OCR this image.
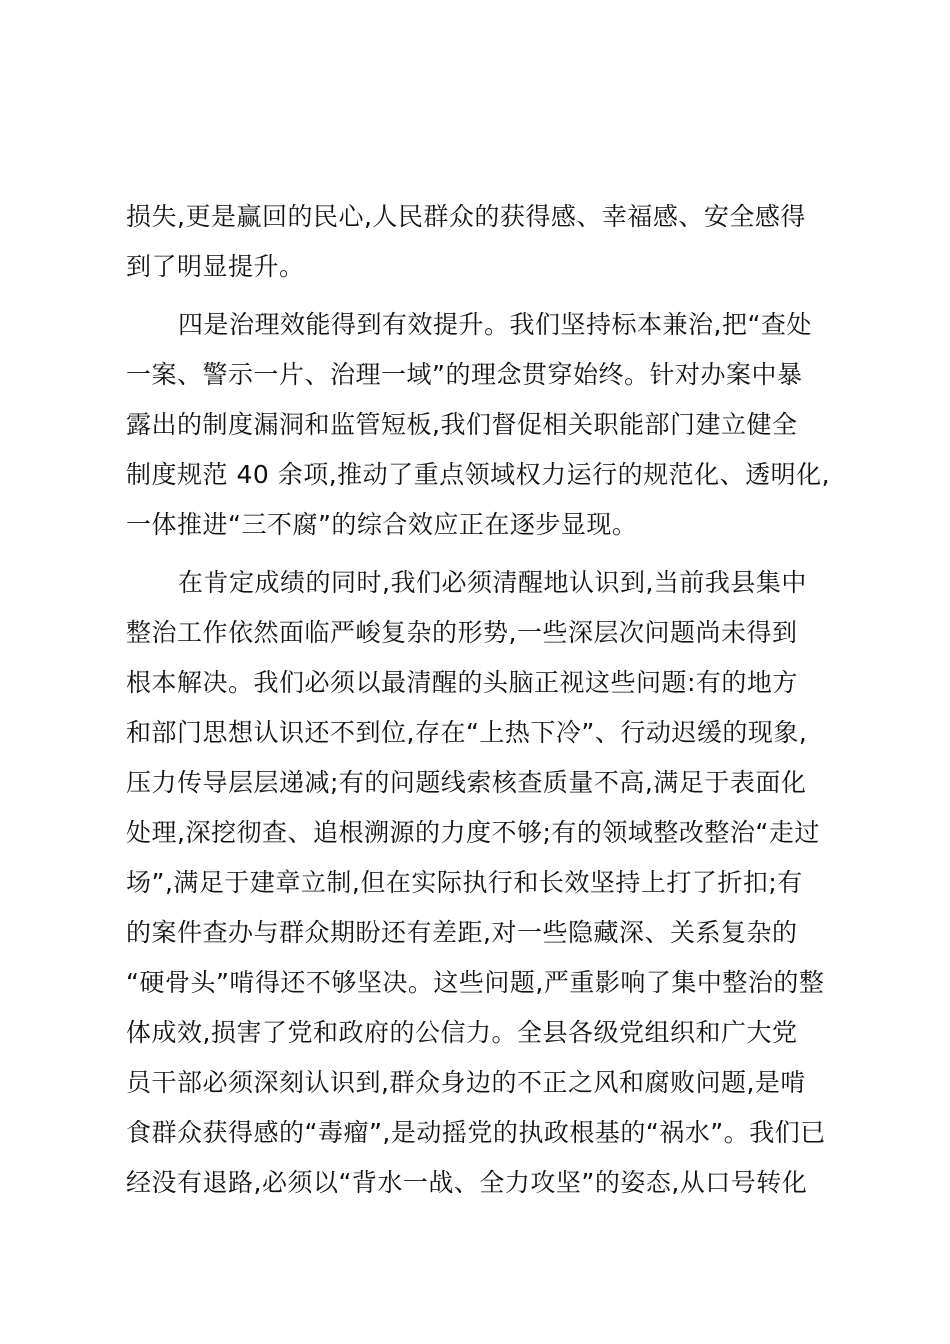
损失,更是赢回的民心,人民群众的获得感、幸福感、安全感得
到了明显提升。
四是治理效能得到有效提升。我们坚持标本兼治,把“查处
一案、警示一片、治理一域”的理念贯穿始终。针对办案中暴
露出的制度漏洞和监管短板,我们督促相关职能部门建立健全
制度规范 40 余项,推动了重点领域权力运行的规范化、透明化,
一体推进“三不腐”的综合效应正在逐步显现。
在肯定成绩的同时,我们必须清醒地认识到,当前我县集中
整治工作依然面临严峻复杂的形势,一些深层次问题尚未得到
根本解决。我们必须以最清醒的头脑正视这些问题:有的地方
和部门思想认识还不到位,存在“上热下冷”、行动迟缓的现象,
压力传导层层递减;有的问题线索核查质量不高,满足于表面化
处理,深挖彻查、追根溯源的力度不够;有的领域整改整治“走过
场”,满足于建章立制,但在实际执行和长效坚持上打了折扣;有
的案件查办与群众期盼还有差距,对一些隐藏深、关系复杂的
“硬骨头”啃得还不够坚决。这些问题,严重影响了集中整治的整
体成效,损害了党和政府的公信力。全县各级党组织和广大党
员干部必须深刻认识到,群众身边的不正之风和腐败问题,是啃
食群众获得感的“毒瘤”,是动摇党的执政根基的“祸水”。我们已
经没有退路,必须以“背水一战、全力攻坚”的姿态,从口号转化
